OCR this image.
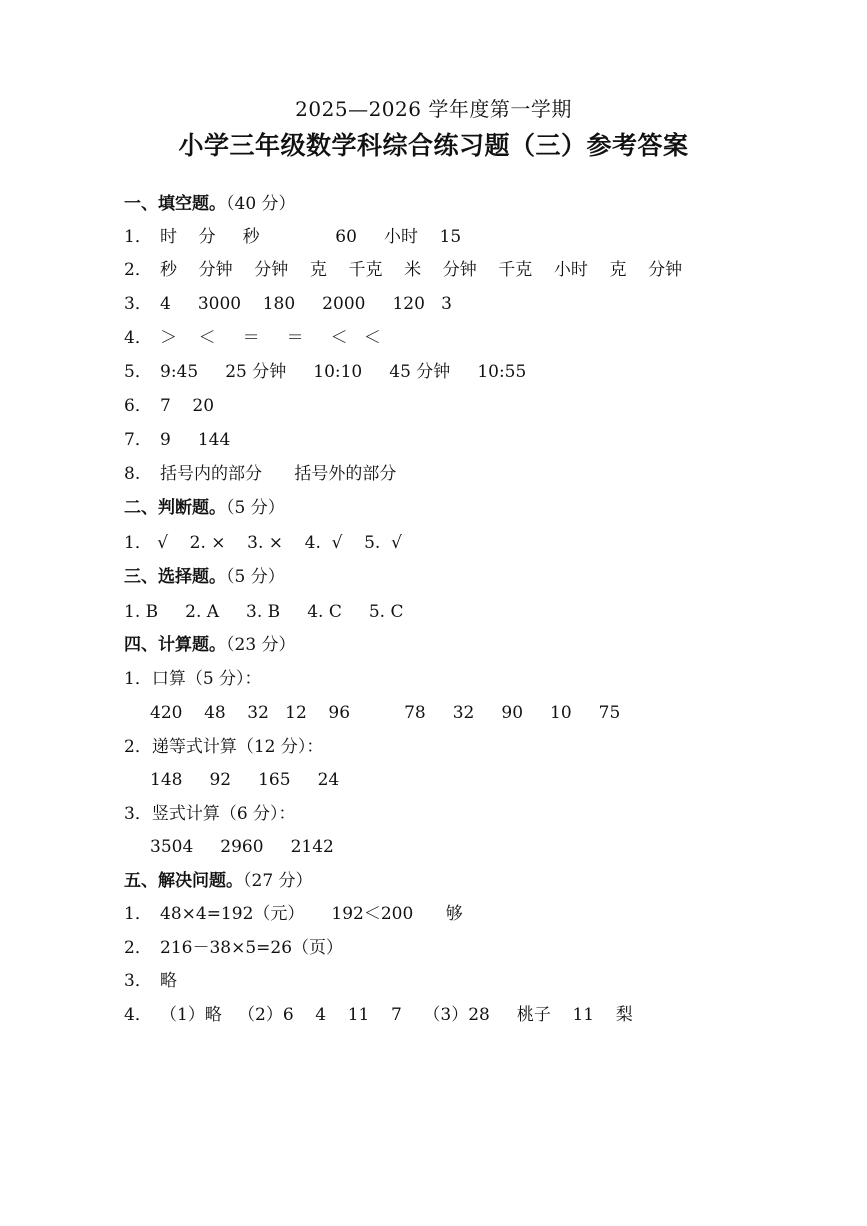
2025—2026 学年度第一学期
小学三年级数学科综合练习题（三）参考答案
一、填空题。（40 分）
1． 时    分     秒              60     小时    15
2． 秒    分钟    分钟    克    千克    米    分钟    千克    小时    克    分钟
3． 4     3000    180     2000     120   3
4． ＞    ＜     ＝     ＝     ＜   ＜
5． 9:45     25 分钟     10:10     45 分钟     10:55
6． 7    20
7． 9     144
8. 括号内的部分      括号外的部分
二、判断题。（5 分）
1． √    2. ×    3. ×    4.  √    5.  √
三、选择题。（5 分）
1. B     2. A     3. B     4. C     5. C
四、计算题。（23 分）
1．口算（5 分）：
420    48    32   12    96          78     32     90     10     75
2．递等式计算（12 分）：
148     92     165     24
3．竖式计算（6 分）：
3504     2960     2142
五、解决问题。（27 分）
1． 48×4=192（元）     192＜200      够
2． 216－38×5=26（页）
3． 略
4． （1）略   （2）6    4    11    7    （3）28     桃子    11    梨
